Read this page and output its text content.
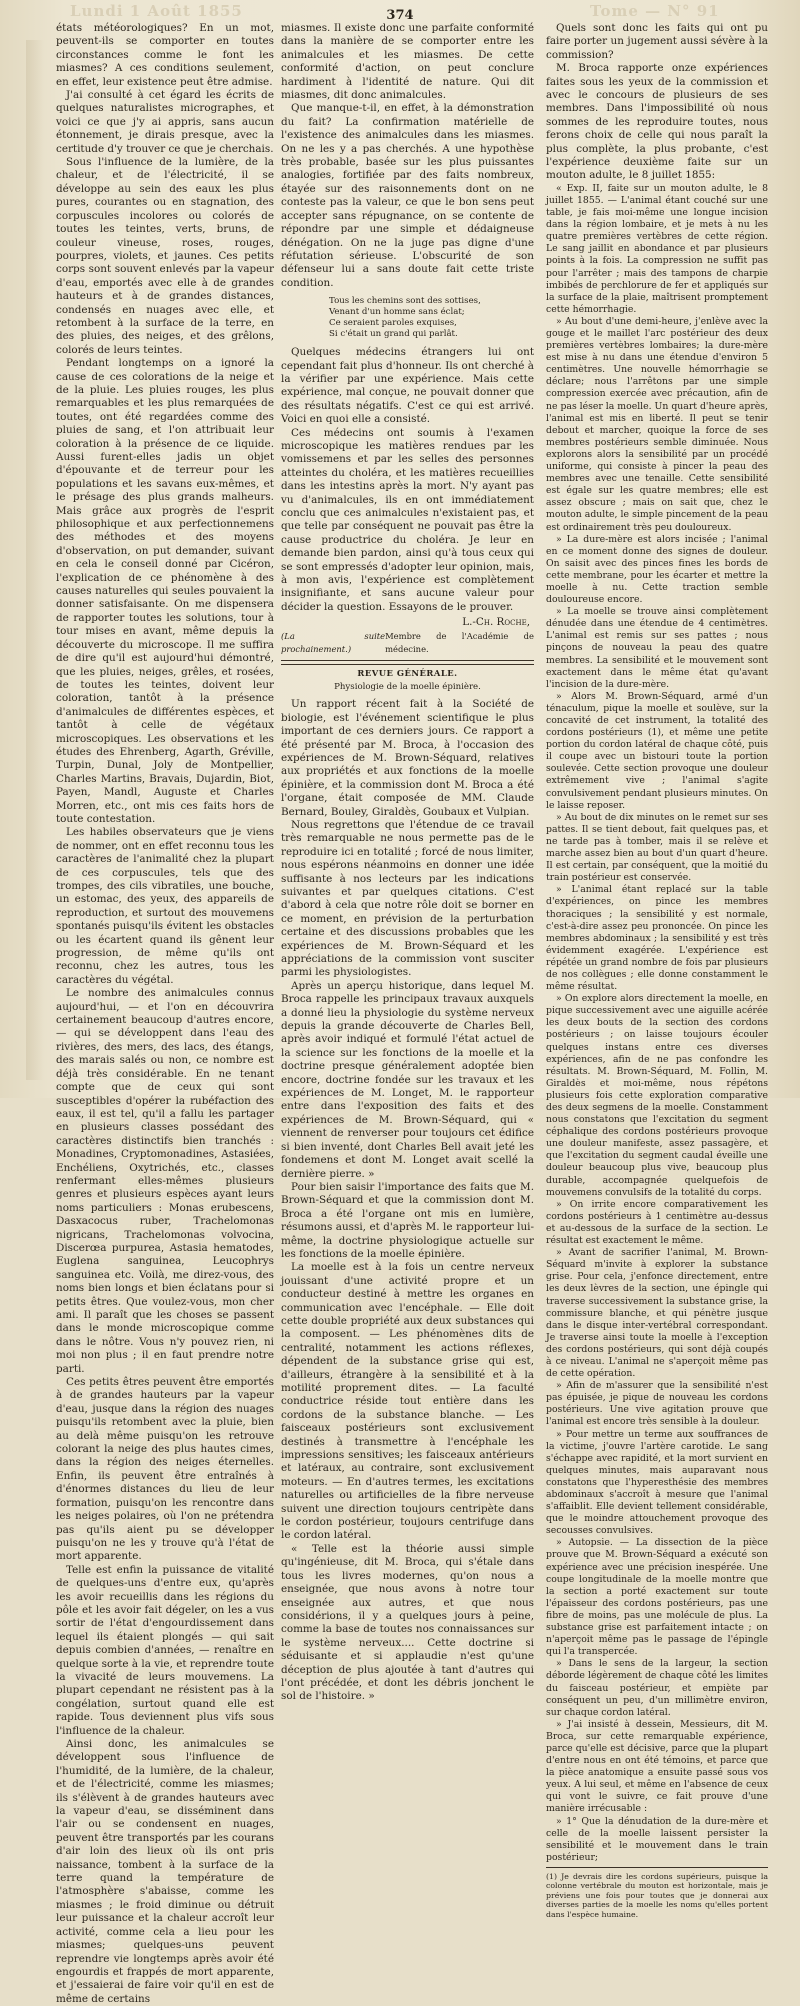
Lundi 1 Août 1855	374	Tome — N° 91

états météorologiques? En un mot, peuvent-ils se comporter en toutes circonstances comme le font les miasmes? A ces conditions seulement, en effet, leur existence peut être admise.

J'ai consulté à cet égard les écrits de quelques naturalistes micrographes, et voici ce que j'y ai appris, sans aucun étonnement, je dirais presque, avec la certitude d'y trouver ce que je cherchais.

Sous l'influence de la lumière, de la chaleur, et de l'électricité, il se développe au sein des eaux les plus pures, courantes ou en stagnation, des corpuscules incolores ou colorés de toutes les teintes, verts, bruns, de couleur vineuse, roses, rouges, pourpres, violets, et jaunes. Ces petits corps sont souvent enlevés par la vapeur d'eau, emportés avec elle à de grandes hauteurs et à de grandes distances, condensés en nuages avec elle, et retombent à la surface de la terre, en des pluies, des neiges, et des grêlons, colorés de leurs teintes.

Pendant longtemps on a ignoré la cause de ces colorations de la neige et de la pluie. Les pluies rouges, les plus remarquables et les plus remarquées de toutes, ont été regardées comme des pluies de sang, et l'on attribuait leur coloration à la présence de ce liquide. Aussi furent-elles jadis un objet d'épouvante et de terreur pour les populations et les savans eux-mêmes, et le présage des plus grands malheurs. Mais grâce aux progrès de l'esprit philosophique et aux perfectionnemens des méthodes et des moyens d'observation, on put demander, suivant en cela le conseil donné par Cicéron, l'explication de ce phénomène à des causes naturelles qui seules pouvaient la donner satisfaisante. On me dispensera de rapporter toutes les solutions, tour à tour mises en avant, même depuis la découverte du microscope. Il me suffira de dire qu'il est aujourd'hui démontré, que les pluies, neiges, grêles, et rosées, de toutes les teintes, doivent leur coloration, tantôt à la présence d'animalcules de différentes espèces, et tantôt à celle de végétaux microscopiques. Les observations et les études des Ehrenberg, Agarth, Gréville, Turpin, Dunal, Joly de Montpellier, Charles Martins, Bravais, Dujardin, Biot, Payen, Mandl, Auguste et Charles Morren, etc., ont mis ces faits hors de toute contestation.

Les habiles observateurs que je viens de nommer, ont en effet reconnu tous les caractères de l'animalité chez la plupart de ces corpuscules, tels que des trompes, des cils vibratiles, une bouche, un estomac, des yeux, des appareils de reproduction, et surtout des mouvemens spontanés puisqu'ils évitent les obstacles ou les écartent quand ils gênent leur progression, de même qu'ils ont reconnu, chez les autres, tous les caractères du végétal.

Le nombre des animalcules connus aujourd'hui, — et l'on en découvrira certainement beaucoup d'autres encore, — qui se développent dans l'eau des rivières, des mers, des lacs, des étangs, des marais salés ou non, ce nombre est déjà très considérable. En ne tenant compte que de ceux qui sont susceptibles d'opérer la rubéfaction des eaux, il est tel, qu'il a fallu les partager en plusieurs classes possédant des caractères distinctifs bien tranchés : Monadines, Cryptomonadines, Astasiées, Enchéliens, Oxytrichés, etc., classes renfermant elles-mêmes plusieurs genres et plusieurs espèces ayant leurs noms particuliers : Monas erubescens, Dasxacocus ruber, Trachelomonas nigricans, Trachelomonas volvocina, Discerœa purpurea, Astasia hematodes, Euglena sanguinea, Leucophrys sanguinea etc. Voilà, me direz-vous, des noms bien longs et bien éclatans pour si petits êtres. Que voulez-vous, mon cher ami. Il paraît que les choses se passent dans le monde microscopique comme dans le nôtre. Vous n'y pouvez rien, ni moi non plus ; il en faut prendre notre parti.

Ces petits êtres peuvent être emportés à de grandes hauteurs par la vapeur d'eau, jusque dans la région des nuages puisqu'ils retombent avec la pluie, bien au delà même puisqu'on les retrouve colorant la neige des plus hautes cimes, dans la région des neiges éternelles. Enfin, ils peuvent être entraînés à d'énormes distances du lieu de leur formation, puisqu'on les rencontre dans les neiges polaires, où l'on ne prétendra pas qu'ils aient pu se développer puisqu'on ne les y trouve qu'à l'état de mort apparente.

Telle est enfin la puissance de vitalité de quelques-uns d'entre eux, qu'après les avoir recueillis dans les régions du pôle et les avoir fait dégeler, on les a vus sortir de l'état d'engourdissement dans lequel ils étaient plongés — qui sait depuis combien d'années, — renaître en quelque sorte à la vie, et reprendre toute la vivacité de leurs mouvemens. La plupart cependant ne résistent pas à la congélation, surtout quand elle est rapide. Tous deviennent plus vifs sous l'influence de la chaleur.

Ainsi donc, les animalcules se développent sous l'influence de l'humidité, de la lumière, de la chaleur, et de l'électricité, comme les miasmes; ils s'élèvent à de grandes hauteurs avec la vapeur d'eau, se disséminent dans l'air ou se condensent en nuages, peuvent être transportés par les courans d'air loin des lieux où ils ont pris naissance, tombent à la surface de la terre quand la température de l'atmosphère s'abaisse, comme les miasmes ; le froid diminue ou détruit leur puissance et la chaleur accroît leur activité, comme cela a lieu pour les miasmes; quelques-uns peuvent reprendre vie longtemps après avoir été engourdis et frappés de mort apparente, et j'essaierai de faire voir qu'il en est de même de certains

miasmes. Il existe donc une parfaite conformité dans la manière de se comporter entre les animalcules et les miasmes. De cette conformité d'action, on peut conclure hardiment à l'identité de nature. Qui dit miasmes, dit donc animalcules.

Que manque-t-il, en effet, à la démonstration du fait? La confirmation matérielle de l'existence des animalcules dans les miasmes. On ne les y a pas cherchés. A une hypothèse très probable, basée sur les plus puissantes analogies, fortifiée par des faits nombreux, étayée sur des raisonnements dont on ne conteste pas la valeur, ce que le bon sens peut accepter sans répugnance, on se contente de répondre par une simple et dédaigneuse dénégation. On ne la juge pas digne d'une réfutation sérieuse. L'obscurité de son défenseur lui a sans doute fait cette triste condition.

Tous les chemins sont des sottises,
Venant d'un homme sans éclat;
Ce seraient paroles exquises,
Si c'était un grand qui parlât.

Quelques médecins étrangers lui ont cependant fait plus d'honneur. Ils ont cherché à la vérifier par une expérience. Mais cette expérience, mal conçue, ne pouvait donner que des résultats négatifs. C'est ce qui est arrivé. Voici en quoi elle a consisté.

Ces médecins ont soumis à l'examen microscopique les matières rendues par les vomissemens et par les selles des personnes atteintes du choléra, et les matières recueillies dans les intestins après la mort. N'y ayant pas vu d'animalcules, ils en ont immédiatement conclu que ces animalcules n'existaient pas, et que telle par conséquent ne pouvait pas être la cause productrice du choléra. Je leur en demande bien pardon, ainsi qu'à tous ceux qui se sont empressés d'adopter leur opinion, mais, à mon avis, l'expérience est complètement insignifiante, et sans aucune valeur pour décider la question. Essayons de le prouver.

L.-Ch. Roche,
(La suite prochainement.)
Membre de l'Académie de médecine.
REVUE GÉNÉRALE.
Physiologie de la moelle épinière.

Un rapport récent fait à la Société de biologie, est l'événement scientifique le plus important de ces derniers jours. Ce rapport a été présenté par M. Broca, à l'occasion des expériences de M. Brown-Séquard, relatives aux propriétés et aux fonctions de la moelle épinière, et la commission dont M. Broca a été l'organe, était composée de MM. Claude Bernard, Bouley, Giraldès, Goubaux et Vulpian.

Nous regrettons que l'étendue de ce travail très remarquable ne nous permette pas de le reproduire ici en totalité ; forcé de nous limiter, nous espérons néanmoins en donner une idée suffisante à nos lecteurs par les indications suivantes et par quelques citations. C'est d'abord à cela que notre rôle doit se borner en ce moment, en prévision de la perturbation certaine et des discussions probables que les expériences de M. Brown-Séquard et les appréciations de la commission vont susciter parmi les physiologistes.

Après un aperçu historique, dans lequel M. Broca rappelle les principaux travaux auxquels a donné lieu la physiologie du système nerveux depuis la grande découverte de Charles Bell, après avoir indiqué et formulé l'état actuel de la science sur les fonctions de la moelle et la doctrine presque généralement adoptée bien encore, doctrine fondée sur les travaux et les expériences de M. Longet, M. le rapporteur entre dans l'exposition des faits et des expériences de M. Brown-Séquard, qui « viennent de renverser pour toujours cet édifice si bien inventé, dont Charles Bell avait jeté les fondemens et dont M. Longet avait scellé la dernière pierre. »

Pour bien saisir l'importance des faits que M. Brown-Séquard et que la commission dont M. Broca a été l'organe ont mis en lumière, résumons aussi, et d'après M. le rapporteur lui-même, la doctrine physiologique actuelle sur les fonctions de la moelle épinière.

La moelle est à la fois un centre nerveux jouissant d'une activité propre et un conducteur destiné à mettre les organes en communication avec l'encéphale. — Elle doit cette double propriété aux deux substances qui la composent. — Les phénomènes dits de centralité, notamment les actions réflexes, dépendent de la substance grise qui est, d'ailleurs, étrangère à la sensibilité et à la motilité proprement dites. — La faculté conductrice réside tout entière dans les cordons de la substance blanche. — Les faisceaux postérieurs sont exclusivement destinés à transmettre à l'encéphale les impressions sensitives; les faisceaux antérieurs et latéraux, au contraire, sont exclusivement moteurs. — En d'autres termes, les excitations naturelles ou artificielles de la fibre nerveuse suivent une direction toujours centripète dans le cordon postérieur, toujours centrifuge dans le cordon latéral.

« Telle est la théorie aussi simple qu'ingénieuse, dit M. Broca, qui s'étale dans tous les livres modernes, qu'on nous a enseignée, que nous avons à notre tour enseignée aux autres, et que nous considérions, il y a quelques jours à peine, comme la base de toutes nos connaissances sur le système nerveux.... Cette doctrine si séduisante et si applaudie n'est qu'une déception de plus ajoutée à tant d'autres qui l'ont précédée, et dont les débris jonchent le sol de l'histoire. »

Quels sont donc les faits qui ont pu faire porter un jugement aussi sévère à la commission?

M. Broca rapporte onze expériences faites sous les yeux de la commission et avec le concours de plusieurs de ses membres. Dans l'impossibilité où nous sommes de les reproduire toutes, nous ferons choix de celle qui nous paraît la plus complète, la plus probante, c'est l'expérience deuxième faite sur un mouton adulte, le 8 juillet 1855:

« Exp. II, faite sur un mouton adulte, le 8 juillet 1855. — L'animal étant couché sur une table, je fais moi-même une longue incision dans la région lombaire, et je mets à nu les quatre premières vertèbres de cette région. Le sang jaillit en abondance et par plusieurs points à la fois. La compression ne suffit pas pour l'arrêter ; mais des tampons de charpie imbibés de perchlorure de fer et appliqués sur la surface de la plaie, maîtrisent promptement cette hémorrhagie.

» Au bout d'une demi-heure, j'enlève avec la gouge et le maillet l'arc postérieur des deux premières vertèbres lombaires; la dure-mère est mise à nu dans une étendue d'environ 5 centimètres. Une nouvelle hémorrhagie se déclare; nous l'arrêtons par une simple compression exercée avec précaution, afin de ne pas léser la moelle. Un quart d'heure après, l'animal est mis en liberté. Il peut se tenir debout et marcher, quoique la force de ses membres postérieurs semble diminuée. Nous explorons alors la sensibilité par un procédé uniforme, qui consiste à pincer la peau des membres avec une tenaille. Cette sensibilité est égale sur les quatre membres; elle est assez obscure ; mais on sait que, chez le mouton adulte, le simple pincement de la peau est ordinairement très peu douloureux.

» La dure-mère est alors incisée ; l'animal en ce moment donne des signes de douleur. On saisit avec des pinces fines les bords de cette membrane, pour les écarter et mettre la moelle à nu. Cette traction semble douloureuse encore.

» La moelle se trouve ainsi complètement dénudée dans une étendue de 4 centimètres. L'animal est remis sur ses pattes ; nous pinçons de nouveau la peau des quatre membres. La sensibilité et le mouvement sont exactement dans le même état qu'avant l'incision de la dure-mère.

» Alors M. Brown-Séquard, armé d'un ténaculum, pique la moelle et soulève, sur la concavité de cet instrument, la totalité des cordons postérieurs (1), et même une petite portion du cordon latéral de chaque côté, puis il coupe avec un bistouri toute la portion soulevée. Cette section provoque une douleur extrêmement vive ; l'animal s'agite convulsivement pendant plusieurs minutes. On le laisse reposer.

» Au bout de dix minutes on le remet sur ses pattes. Il se tient debout, fait quelques pas, et ne tarde pas à tomber, mais il se relève et marche assez bien au bout d'un quart d'heure. Il est certain, par conséquent, que la moitié du train postérieur est conservée.

» L'animal étant replacé sur la table d'expériences, on pince les membres thoraciques ; la sensibilité y est normale, c'est-à-dire assez peu prononcée. On pince les membres abdominaux ; la sensibilité y est très évidemment exagérée. L'expérience est répétée un grand nombre de fois par plusieurs de nos collègues ; elle donne constamment le même résultat.

» On explore alors directement la moelle, en pique successivement avec une aiguille acérée les deux bouts de la section des cordons postérieurs ; on laisse toujours écouler quelques instans entre ces diverses expériences, afin de ne pas confondre les résultats. M. Brown-Séquard, M. Follin, M. Giraldès et moi-même, nous répétons plusieurs fois cette exploration comparative des deux segmens de la moelle. Constamment nous constatons que l'excitation du segment céphalique des cordons postérieurs provoque une douleur manifeste, assez passagère, et que l'excitation du segment caudal éveille une douleur beaucoup plus vive, beaucoup plus durable, accompagnée quelquefois de mouvemens convulsifs de la totalité du corps.

» On irrite encore comparativement les cordons postérieurs à 1 centimètre au-dessus et au-dessous de la surface de la section. Le résultat est exactement le même.

» Avant de sacrifier l'animal, M. Brown-Séquard m'invite à explorer la substance grise. Pour cela, j'enfonce directement, entre les deux lèvres de la section, une épingle qui traverse successivement la substance grise, la commissure blanche, et qui pénètre jusque dans le disque inter-vertébral correspondant. Je traverse ainsi toute la moelle à l'exception des cordons postérieurs, qui sont déjà coupés à ce niveau. L'animal ne s'aperçoit même pas de cette opération.

» Afin de m'assurer que la sensibilité n'est pas épuisée, je pique de nouveau les cordons postérieurs. Une vive agitation prouve que l'animal est encore très sensible à la douleur.

» Pour mettre un terme aux souffrances de la victime, j'ouvre l'artère carotide. Le sang s'échappe avec rapidité, et la mort survient en quelques minutes, mais auparavant nous constatons que l'hyperesthésie des membres abdominaux s'accroît à mesure que l'animal s'affaiblit. Elle devient tellement considérable, que le moindre attouchement provoque des secousses convulsives.

» Autopsie. — La dissection de la pièce prouve que M. Brown-Séquard a exécuté son expérience avec une précision inespérée. Une coupe longitudinale de la moelle montre que la section a porté exactement sur toute l'épaisseur des cordons postérieurs, pas une fibre de moins, pas une molécule de plus. La substance grise est parfaitement intacte ; on n'aperçoit même pas le passage de l'épingle qui l'a transpercée.

» Dans le sens de la largeur, la section déborde légèrement de chaque côté les limites du faisceau postérieur, et empiète par conséquent un peu, d'un millimètre environ, sur chaque cordon latéral.

» J'ai insisté à dessein, Messieurs, dit M. Broca, sur cette remarquable expérience, parce qu'elle est décisive, parce que la plupart d'entre nous en ont été témoins, et parce que la pièce anatomique a ensuite passé sous vos yeux. A lui seul, et même en l'absence de ceux qui vont le suivre, ce fait prouve d'une manière irrécusable :

» 1° Que la dénudation de la dure-mère et celle de la moelle laissent persister la sensibilité et le mouvement dans le train postérieur;

(1) Je devrais dire les cordons supérieurs, puisque la colonne vertébrale du mouton est horizontale, mais je préviens une fois pour toutes que je donnerai aux diverses parties de la moelle les noms qu'elles portent dans l'espèce humaine.
